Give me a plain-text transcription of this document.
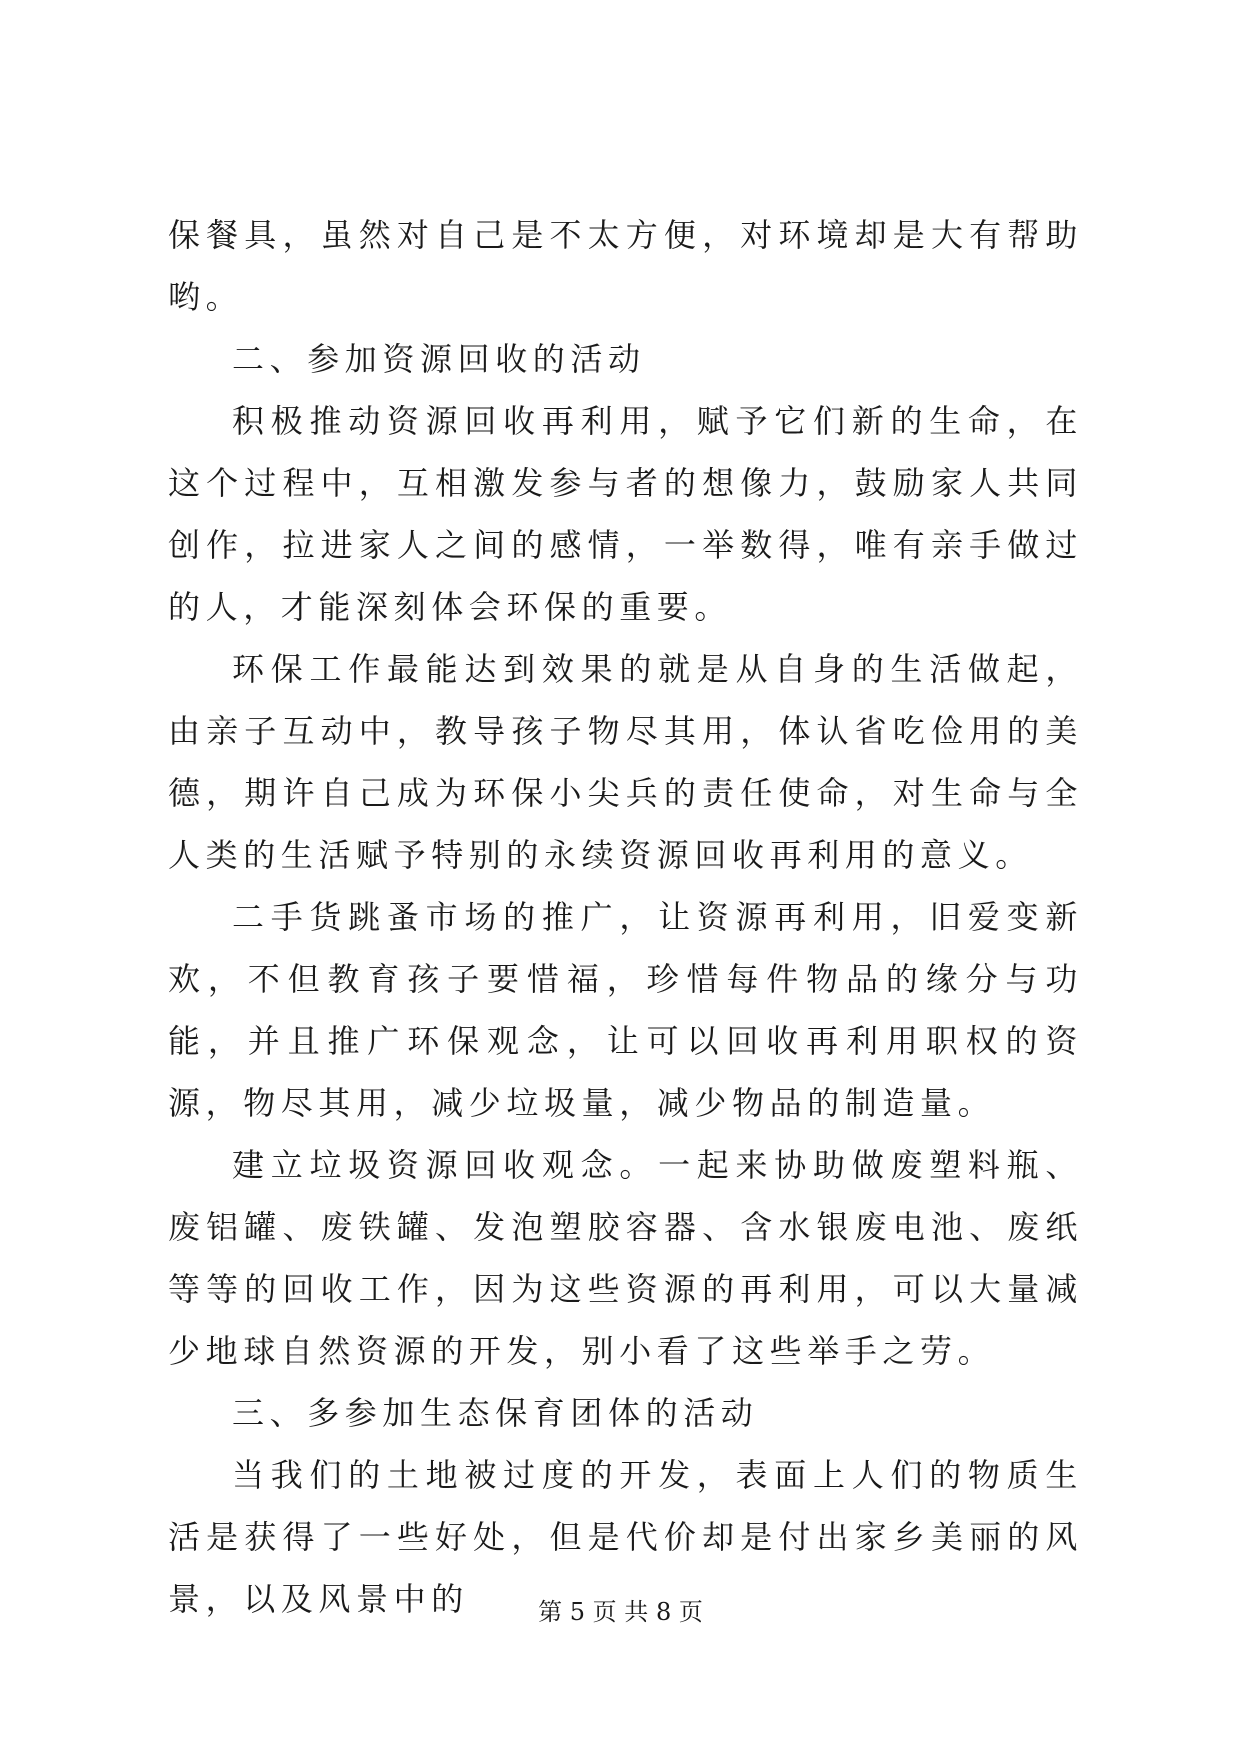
保餐具，虽然对自己是不太方便，对环境却是大有帮助哟。

二、参加资源回收的活动

积极推动资源回收再利用，赋予它们新的生命，在这个过程中，互相激发参与者的想像力，鼓励家人共同创作，拉进家人之间的感情，一举数得，唯有亲手做过的人，才能深刻体会环保的重要。

环保工作最能达到效果的就是从自身的生活做起，由亲子互动中，教导孩子物尽其用，体认省吃俭用的美德，期许自己成为环保小尖兵的责任使命，对生命与全人类的生活赋予特别的永续资源回收再利用的意义。

二手货跳蚤市场的推广，让资源再利用，旧爱变新欢，不但教育孩子要惜福，珍惜每件物品的缘分与功能，并且推广环保观念，让可以回收再利用职权的资源，物尽其用，减少垃圾量，减少物品的制造量。

建立垃圾资源回收观念。一起来协助做废塑料瓶、废铝罐、废铁罐、发泡塑胶容器、含水银废电池、废纸等等的回收工作，因为这些资源的再利用，可以大量减少地球自然资源的开发，别小看了这些举手之劳。

三、多参加生态保育团体的活动

当我们的土地被过度的开发，表面上人们的物质生活是获得了一些好处，但是代价却是付出家乡美丽的风景，以及风景中的	第 5 页 共 8 页
